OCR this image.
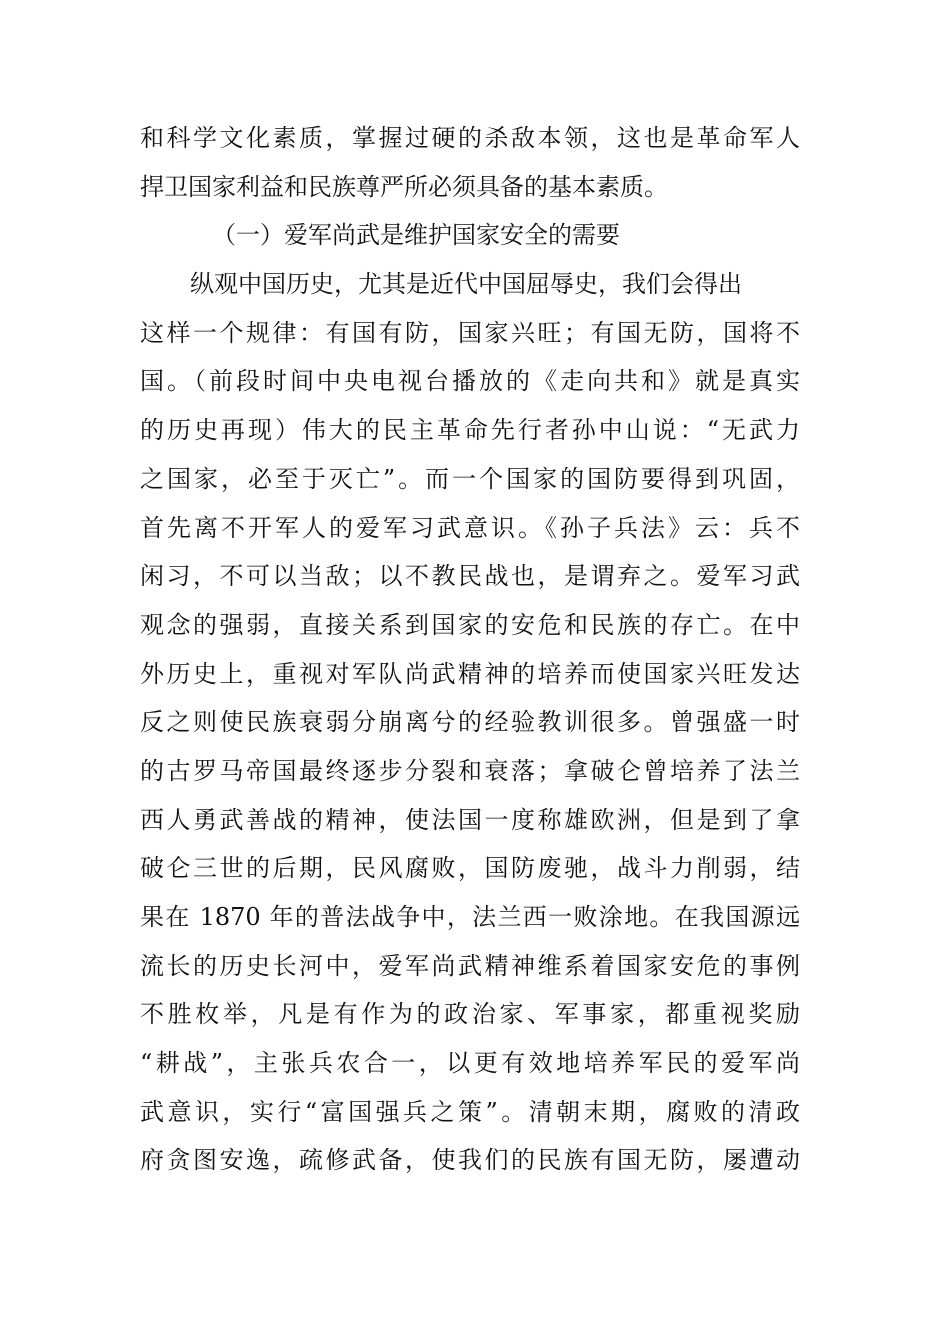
和科学文化素质，掌握过硬的杀敌本领，这也是革命军人
捍卫国家利益和民族尊严所必须具备的基本素质。
（一）爱军尚武是维护国家安全的需要
纵观中国历史，尤其是近代中国屈辱史，我们会得出
这样一个规律：有国有防，国家兴旺；有国无防，国将不
国。（前段时间中央电视台播放的《走向共和》就是真实
的历史再现）伟大的民主革命先行者孙中山说：“无武力
之国家，必至于灭亡”。而一个国家的国防要得到巩固，
首先离不开军人的爱军习武意识。《孙子兵法》云：兵不
闲习，不可以当敌；以不教民战也，是谓弃之。爱军习武
观念的强弱，直接关系到国家的安危和民族的存亡。在中
外历史上，重视对军队尚武精神的培养而使国家兴旺发达
反之则使民族衰弱分崩离兮的经验教训很多。曾强盛一时
的古罗马帝国最终逐步分裂和衰落；拿破仑曾培养了法兰
西人勇武善战的精神，使法国一度称雄欧洲，但是到了拿
破仑三世的后期，民风腐败，国防废驰，战斗力削弱，结
果在 1870 年的普法战争中，法兰西一败涂地。在我国源远
流长的历史长河中，爱军尚武精神维系着国家安危的事例
不胜枚举，凡是有作为的政治家、军事家，都重视奖励
“耕战”，主张兵农合一，以更有效地培养军民的爱军尚
武意识，实行“富国强兵之策”。清朝末期，腐败的清政
府贪图安逸，疏修武备，使我们的民族有国无防，屡遭动
